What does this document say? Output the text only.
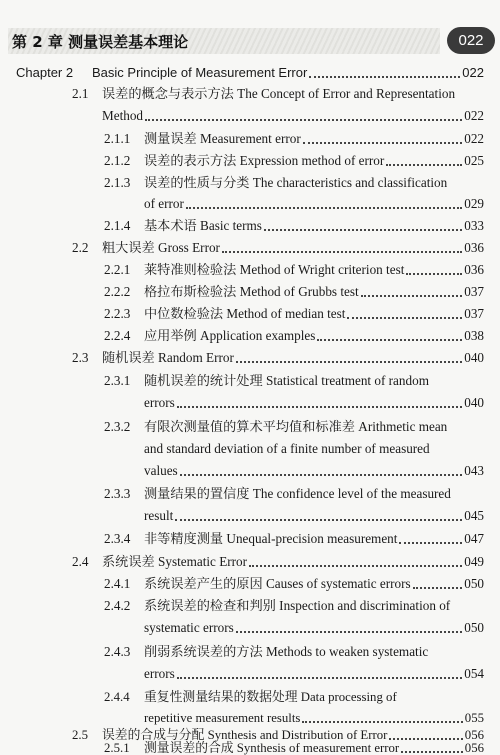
第 2 章 测量误差基本理论	022
Chapter 2	Basic Principle of Measurement Error	022
2.1 误差的概念与表示方法 The Concept of Error and Representation
Method	022
2.1.1	测量误差 Measurement error	022
2.1.2	误差的表示方法 Expression method of error	025
2.1.3 误差的性质与分类 The characteristics and classification
of error	029
2.1.4	基本术语 Basic terms	033
2.2	粗大误差 Gross Error	036
2.2.1	莱特准则检验法 Method of Wright criterion test	036
2.2.2	格拉布斯检验法 Method of Grubbs test	037
2.2.3	中位数检验法 Method of median test	037
2.2.4	应用举例 Application examples	038
2.3	随机误差 Random Error	040
2.3.1 随机误差的统计处理 Statistical treatment of random
errors	040
2.3.2 有限次测量值的算术平均值和标准差 Arithmetic mean
and standard deviation of a finite number of measured
values	043
2.3.3 测量结果的置信度 The confidence level of the measured
result	045
2.3.4	非等精度测量 Unequal-precision measurement	047
2.4	系统误差 Systematic Error	049
2.4.1	系统误差产生的原因 Causes of systematic errors	050
2.4.2 系统误差的检查和判别 Inspection and discrimination of
systematic errors	050
2.4.3 削弱系统误差的方法 Methods to weaken systematic
errors	054
2.4.4 重复性测量结果的数据处理 Data processing of
repetitive measurement results	055
2.5	误差的合成与分配 Synthesis and Distribution of Error	056
2.5.1	测量误差的合成 Synthesis of measurement error	056
